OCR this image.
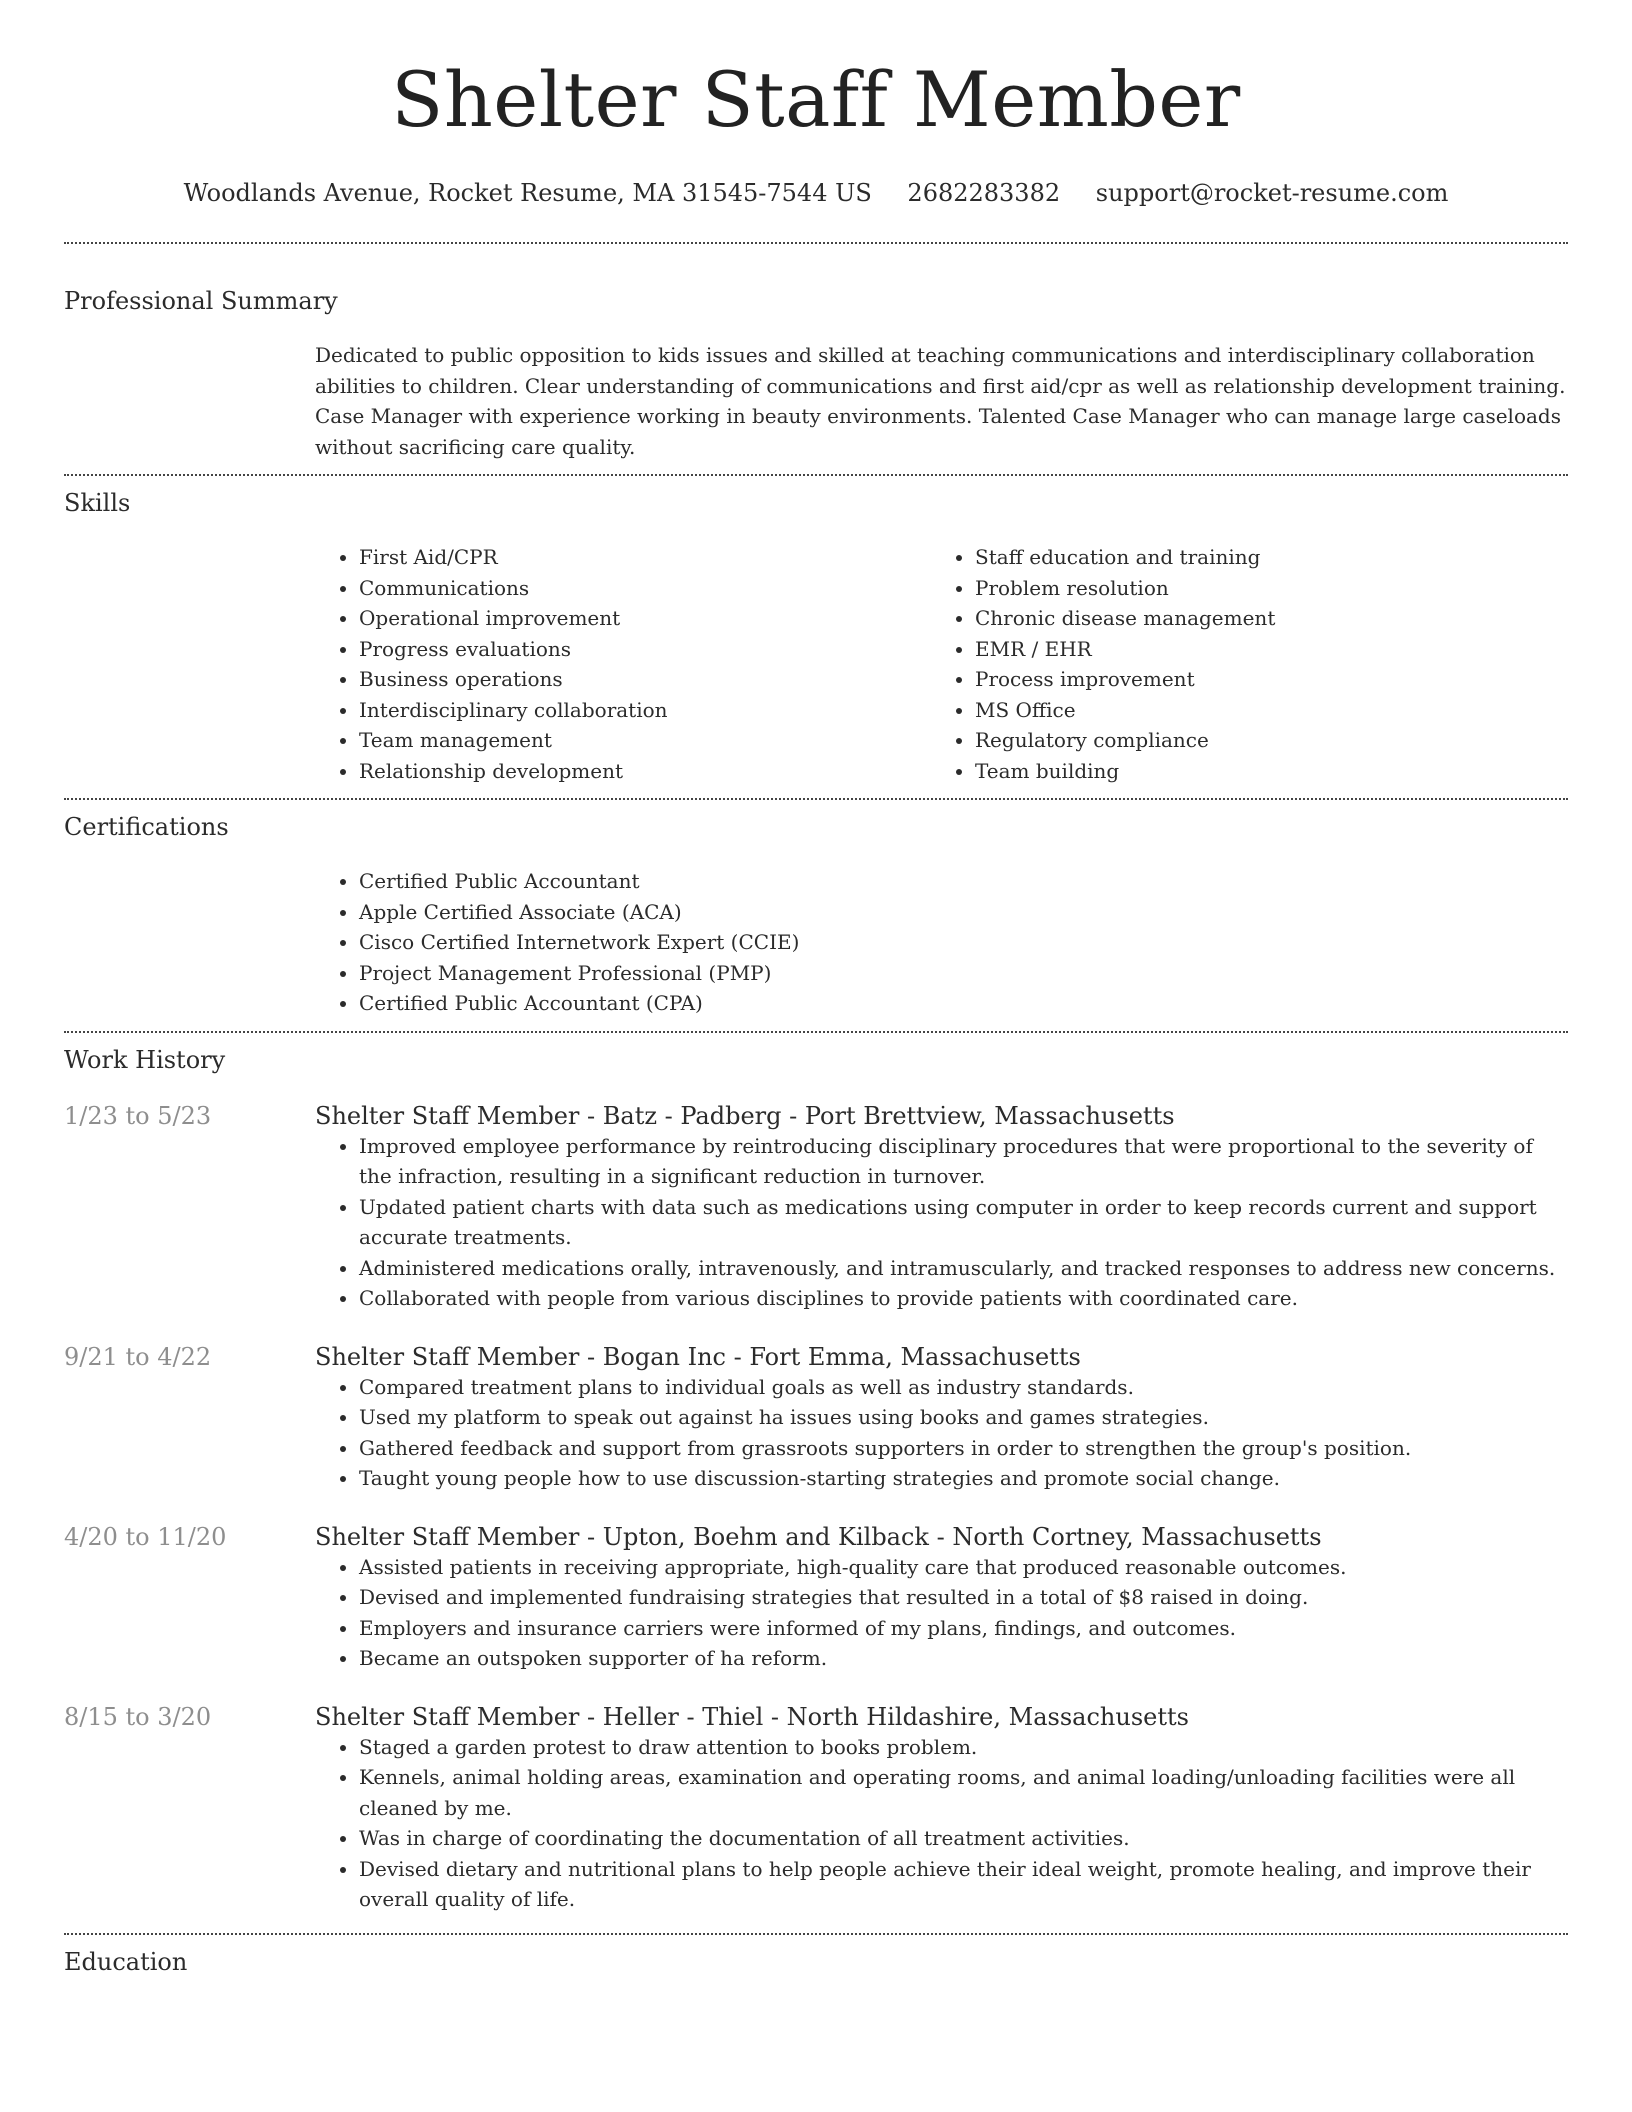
Shelter Staff Member
Woodlands Avenue, Rocket Resume, MA 31545-7544 US 2682283382 support@rocket-resume.com
Professional Summary
Dedicated to public opposition to kids issues and skilled at teaching communications and interdisciplinary collaboration abilities to children. Clear understanding of communications and first aid/cpr as well as relationship development training. Case Manager with experience working in beauty environments. Talented Case Manager who can manage large caseloads without sacrificing care quality.
Skills
• First Aid/CPR
• Communications
• Operational improvement
• Progress evaluations
• Business operations
• Interdisciplinary collaboration
• Team management
• Relationship development
• Staff education and training
• Problem resolution
• Chronic disease management
• EMR / EHR
• Process improvement
• MS Office
• Regulatory compliance
• Team building
Certifications
• Certified Public Accountant
• Apple Certified Associate (ACA)
• Cisco Certified Internetwork Expert (CCIE)
• Project Management Professional (PMP)
• Certified Public Accountant (CPA)
Work History
1/23 to 5/23	Shelter Staff Member - Batz - Padberg - Port Brettview, Massachusetts
• Improved employee performance by reintroducing disciplinary procedures that were proportional to the severity of the infraction, resulting in a significant reduction in turnover.
• Updated patient charts with data such as medications using computer in order to keep records current and support accurate treatments.
• Administered medications orally, intravenously, and intramuscularly, and tracked responses to address new concerns.
• Collaborated with people from various disciplines to provide patients with coordinated care.
9/21 to 4/22	Shelter Staff Member - Bogan Inc - Fort Emma, Massachusetts
• Compared treatment plans to individual goals as well as industry standards.
• Used my platform to speak out against ha issues using books and games strategies.
• Gathered feedback and support from grassroots supporters in order to strengthen the group's position.
• Taught young people how to use discussion-starting strategies and promote social change.
4/20 to 11/20	Shelter Staff Member - Upton, Boehm and Kilback - North Cortney, Massachusetts
• Assisted patients in receiving appropriate, high-quality care that produced reasonable outcomes.
• Devised and implemented fundraising strategies that resulted in a total of $8 raised in doing.
• Employers and insurance carriers were informed of my plans, findings, and outcomes.
• Became an outspoken supporter of ha reform.
8/15 to 3/20	Shelter Staff Member - Heller - Thiel - North Hildashire, Massachusetts
• Staged a garden protest to draw attention to books problem.
• Kennels, animal holding areas, examination and operating rooms, and animal loading/unloading facilities were all cleaned by me.
• Was in charge of coordinating the documentation of all treatment activities.
• Devised dietary and nutritional plans to help people achieve their ideal weight, promote healing, and improve their overall quality of life.
Education
